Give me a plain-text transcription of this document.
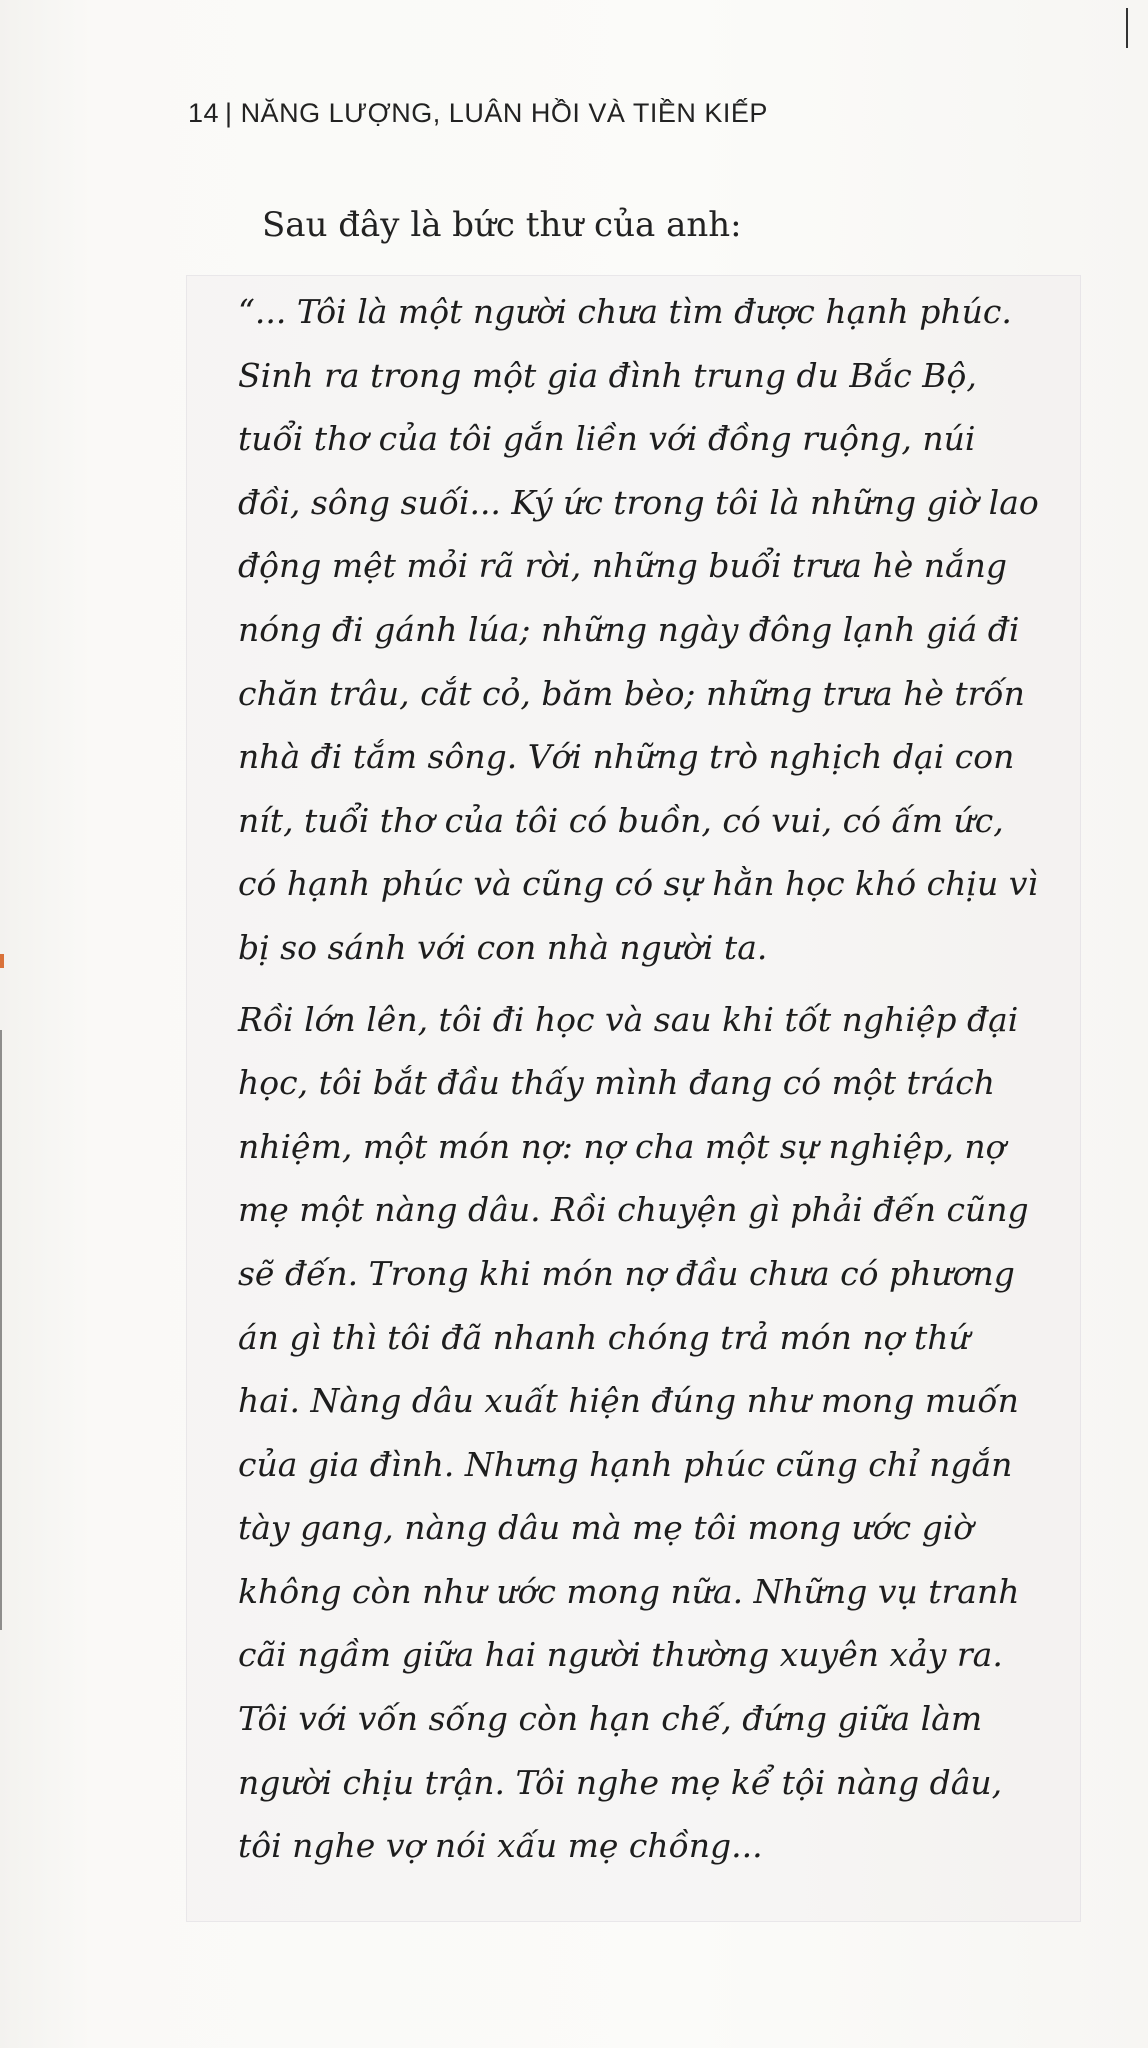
14 | NĂNG LƯỢNG, LUÂN HỒI VÀ TIỀN KIẾP
Sau đây là bức thư của anh:
“... Tôi là một người chưa tìm được hạnh phúc.
Sinh ra trong một gia đình trung du Bắc Bộ,
tuổi thơ của tôi gắn liền với đồng ruộng, núi
đồi, sông suối... Ký ức trong tôi là những giờ lao
động mệt mỏi rã rời, những buổi trưa hè nắng
nóng đi gánh lúa; những ngày đông lạnh giá đi
chăn trâu, cắt cỏ, băm bèo; những trưa hè trốn
nhà đi tắm sông. Với những trò nghịch dại con
nít, tuổi thơ của tôi có buồn, có vui, có ấm ức,
có hạnh phúc và cũng có sự hằn học khó chịu vì
bị so sánh với con nhà người ta.
Rồi lớn lên, tôi đi học và sau khi tốt nghiệp đại
học, tôi bắt đầu thấy mình đang có một trách
nhiệm, một món nợ: nợ cha một sự nghiệp, nợ
mẹ một nàng dâu. Rồi chuyện gì phải đến cũng
sẽ đến. Trong khi món nợ đầu chưa có phương
án gì thì tôi đã nhanh chóng trả món nợ thứ
hai. Nàng dâu xuất hiện đúng như mong muốn
của gia đình. Nhưng hạnh phúc cũng chỉ ngắn
tày gang, nàng dâu mà mẹ tôi mong ước giờ
không còn như ước mong nữa. Những vụ tranh
cãi ngầm giữa hai người thường xuyên xảy ra.
Tôi với vốn sống còn hạn chế, đứng giữa làm
người chịu trận. Tôi nghe mẹ kể tội nàng dâu,
tôi nghe vợ nói xấu mẹ chồng...
